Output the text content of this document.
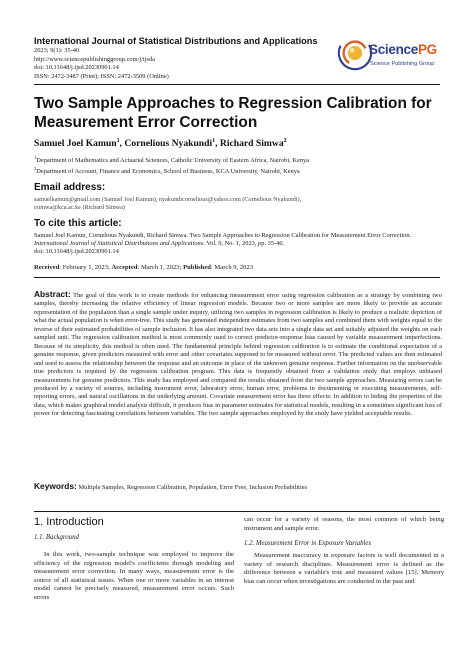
International Journal of Statistical Distributions and Applications
2023; 9(1): 35-40
http://www.sciencepublishinggroup.com/j/ijsda
doi: 10.11648/j.ijsd.20230901.14
ISSN: 2472-3487 (Print); ISSN: 2472-3509 (Online)
SciencePG
Science Publishing Group
Two Sample Approaches to Regression Calibration for Measurement Error Correction
Samuel Joel Kamun$^1$, Cornelious Nyakundi$^1$, Richard Simwa$^2$
$^1$Department of Mathematics and Actuarial Sciences, Catholic University of Eastern Africa, Nairobi, Kenya
$^2$Department of Account, Finance and Economics, School of Business, KCA University, Nairobi, Kenya
Email address:
samuelkamun@gmail.com (Samuel Joel Kamun), nyakundicornelious@yahoo.com (Cornelious Nyakundi),
rsimwa@kca.ac.ke (Richard Simwa)
To cite this article:
Samuel Joel Kamun, Cornelious Nyakundi, Richard Simwa. Two Sample Approaches to Regression Calibration for Measurement Error Correction. International Journal of Statistical Distributions and Applications. Vol. 9, No. 1, 2023, pp. 35-40.
doi: 10.11648/j.ijsd.20230901.14
Received: February 1, 2023; Accepted: March 1, 2023; Published: March 9, 2023
Abstract: The goal of this work is to create methods for enhancing measurement error using regression calibration as a strategy by combining two samples, thereby increasing the relative efficiency of linear regression models. Because two or more samples are more likely to provide an accurate representation of the population than a single sample under inquiry, utilizing two samples in regression calibration is likely to produce a realistic depiction of what the actual population is when error-free. This study has generated independent estimates from two samples and combined them with weights equal to the inverse of their estimated probabilities of sample inclusion. It has also integrated two data sets into a single data set and suitably adjusted the weights on each sampled unit. The regression calibration method is most commonly used to correct predictor-response bias caused by variable measurement imperfections. Because of its simplicity, this method is often used. The fundamental principle behind regression calibration is to estimate the conditional expectation of a genuine response, given predictors measured with error and other covariates supposed to be measured without error. The predicted values are then estimated and used to assess the relationship between the response and an outcome in place of the unknown genuine response. Further information on the unobservable true predictors is required by the regression calibration program. This data is frequently obtained from a validation study that employs unbiased measurements for genuine predictors. This study has employed and compared the results obtained from the two sample approaches. Measuring errors can be produced by a variety of sources, including instrument error, laboratory error, human error, problems in documenting or executing measurements, self-reporting errors, and natural oscillations in the underlying amount. Covariate measurement error has three effects: In addition to hiding the properties of the data, which makes graphical model analysis difficult, it produces bias in parameter estimates for statistical models, resulting in a sometimes significant loss of power for detecting fascinating correlations between variables. The two sample approaches employed by the study have yielded acceptable results.
Keywords: Multiple Samples, Regression Calibration, Population, Error Free, Inclusion Probabilities
1. Introduction
1.1. Background
In this work, two-sample technique was employed to improve the efficiency of the regression model's coefficients through modeling and measurement error correction. In many ways, measurement error is the source of all statistical issues. When one or more variables in an interest model cannot be precisely measured, measurement error occurs. Such errors
can occur for a variety of reasons, the most common of which being instrument and sample error.
1.2. Measurement Error in Exposure Variables
Measurement inaccuracy in exposure factors is well documented in a variety of research disciplines. Measurement error is defined as the difference between a variable's true and measured values [15]. Memory bias can occur when investigations are conducted in the past and
